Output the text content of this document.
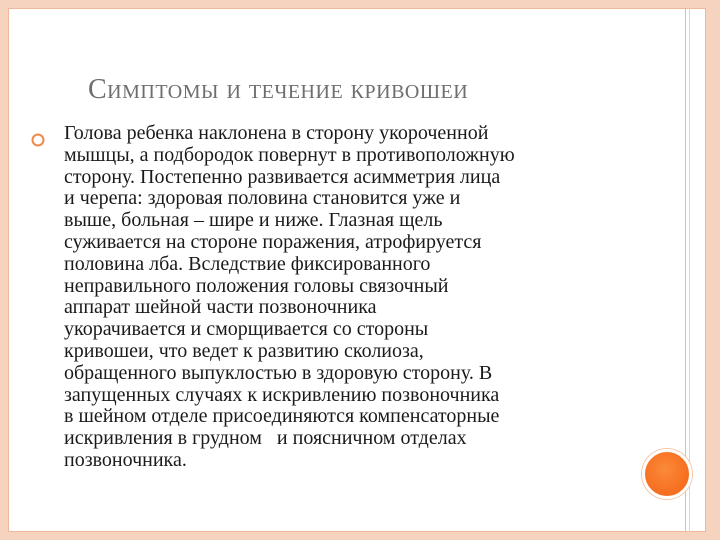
Симптомы и течение кривошеи

Голова ребенка наклонена в сторону укороченной
мышцы, а подбородок повернут в противоположную
сторону. Постепенно развивается асимметрия лица
и черепа: здоровая половина становится уже и
выше, больная – шире и ниже. Глазная щель
суживается на стороне поражения, атрофируется
половина лба. Вследствие фиксированного
неправильного положения головы связочный
аппарат шейной части позвоночника
укорачивается и сморщивается со стороны
кривошеи, что ведет к развитию сколиоза,
обращенного выпуклостью в здоровую сторону. В
запущенных случаях к искривлению позвоночника
в шейном отделе присоединяются компенсаторные
искривления в грудном   и поясничном отделах
позвоночника.
